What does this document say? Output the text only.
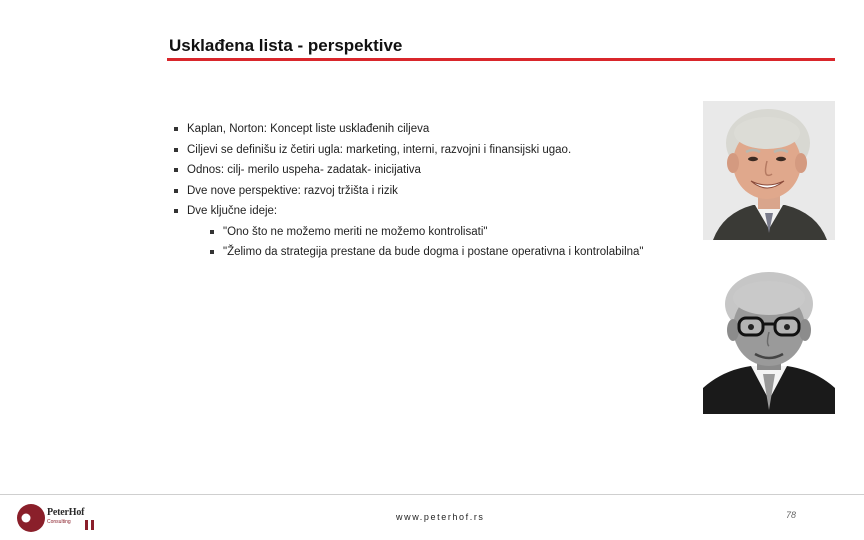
Usklađena lista - perspektive
Kaplan, Norton: Koncept liste usklađenih ciljeva
Ciljevi se definišu iz četiri ugla: marketing, interni, razvojni i finansijski ugao.
Odnos: cilj- merilo uspeha- zadatak- inicijativa
Dve nove perspektive: razvoj tržišta i rizik
Dve ključne ideje:
"Ono što ne možemo meriti ne možemo kontrolisati"
"Želimo da strategija prestane da bude dogma i postane operativna i kontrolabilna"
PeterHof
Consulting	www.peterhof.rs	78
